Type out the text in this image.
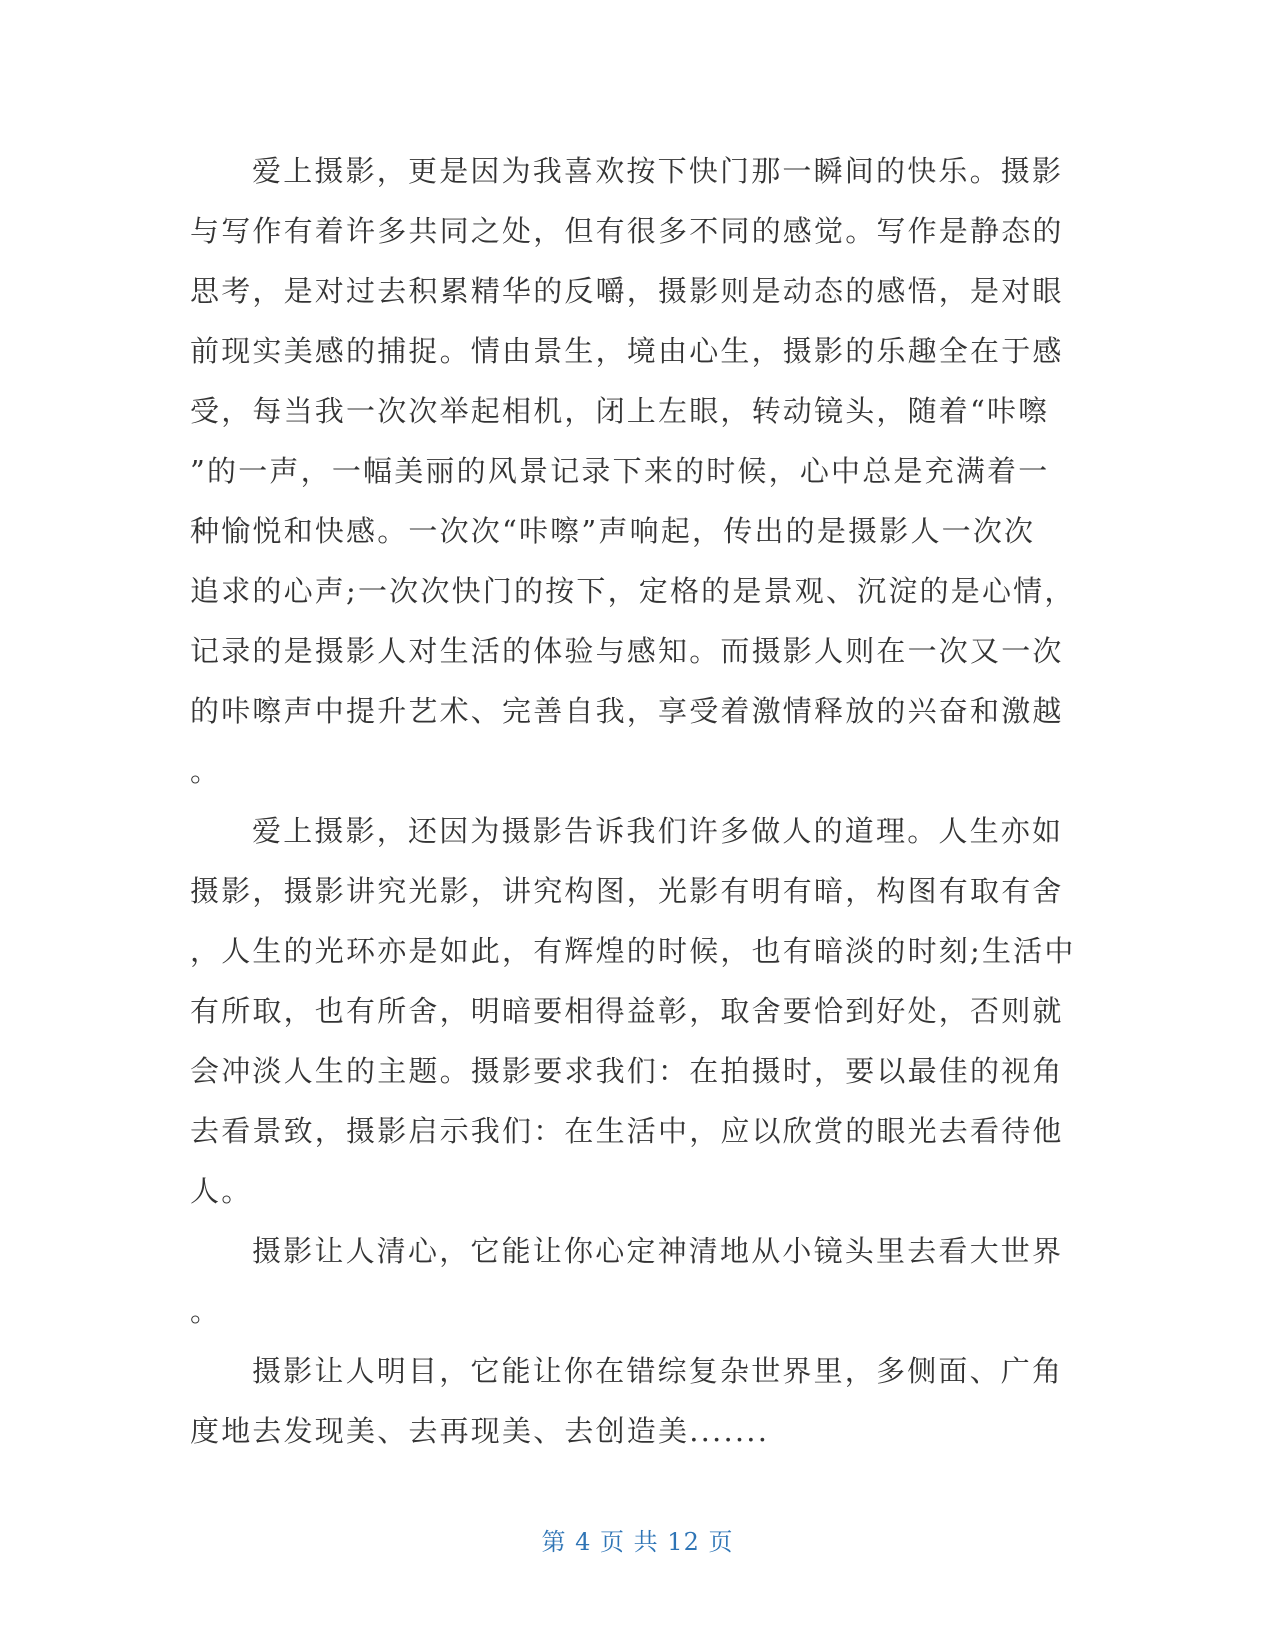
爱上摄影，更是因为我喜欢按下快门那一瞬间的快乐。摄影
与写作有着许多共同之处，但有很多不同的感觉。写作是静态的
思考，是对过去积累精华的反嚼，摄影则是动态的感悟，是对眼
前现实美感的捕捉。情由景生，境由心生，摄影的乐趣全在于感
受，每当我一次次举起相机，闭上左眼，转动镜头，随着“咔嚓
”的一声，一幅美丽的风景记录下来的时候，心中总是充满着一
种愉悦和快感。一次次“咔嚓”声响起，传出的是摄影人一次次
追求的心声;一次次快门的按下，定格的是景观、沉淀的是心情，
记录的是摄影人对生活的体验与感知。而摄影人则在一次又一次
的咔嚓声中提升艺术、完善自我，享受着激情释放的兴奋和激越
。
爱上摄影，还因为摄影告诉我们许多做人的道理。人生亦如
摄影，摄影讲究光影，讲究构图，光影有明有暗，构图有取有舍
，人生的光环亦是如此，有辉煌的时候，也有暗淡的时刻;生活中
有所取，也有所舍，明暗要相得益彰，取舍要恰到好处，否则就
会冲淡人生的主题。摄影要求我们：在拍摄时，要以最佳的视角
去看景致，摄影启示我们：在生活中，应以欣赏的眼光去看待他
人。
摄影让人清心，它能让你心定神清地从小镜头里去看大世界
。
摄影让人明目，它能让你在错综复杂世界里，多侧面、广角
度地去发现美、去再现美、去创造美.......
第 4 页 共 12 页
